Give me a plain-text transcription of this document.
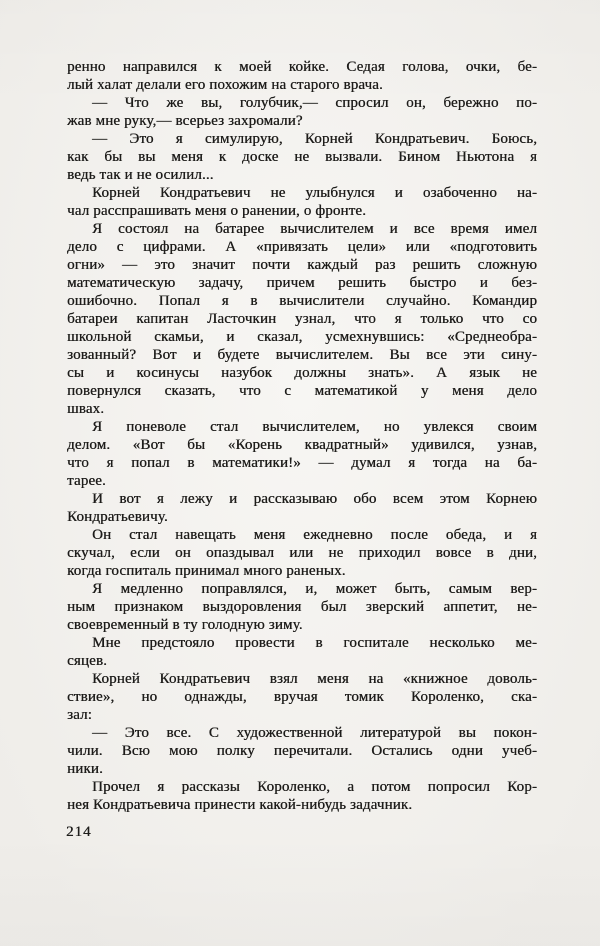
ренно направился к моей койке. Седая голова, очки, бе-
лый халат делали его похожим на старого врача.
— Что же вы, голубчик,— спросил он, бережно по-
жав мне руку,— всерьез захромали?
— Это я симулирую, Корней Кондратьевич. Боюсь,
как бы вы меня к доске не вызвали. Бином Ньютона я
ведь так и не осилил...
Корней Кондратьевич не улыбнулся и озабоченно на-
чал расспрашивать меня о ранении, о фронте.
Я состоял на батарее вычислителем и все время имел
дело с цифрами. А «привязать цели» или «подготовить
огни» — это значит почти каждый раз решить сложную
математическую задачу, причем решить быстро и без-
ошибочно. Попал я в вычислители случайно. Командир
батареи капитан Ласточкин узнал, что я только что со
школьной скамьи, и сказал, усмехнувшись: «Среднеобра-
зованный? Вот и будете вычислителем. Вы все эти сину-
сы и косинусы назубок должны знать». А язык не
повернулся сказать, что с математикой у меня дело
швах.
Я поневоле стал вычислителем, но увлекся своим
делом. «Вот бы «Корень квадратный» удивился, узнав,
что я попал в математики!» — думал я тогда на ба-
тарее.
И вот я лежу и рассказываю обо всем этом Корнею
Кондратьевичу.
Он стал навещать меня ежедневно после обеда, и я
скучал, если он опаздывал или не приходил вовсе в дни,
когда госпиталь принимал много раненых.
Я медленно поправлялся, и, может быть, самым вер-
ным признаком выздоровления был зверский аппетит, не-
своевременный в ту голодную зиму.
Мне предстояло провести в госпитале несколько ме-
сяцев.
Корней Кондратьевич взял меня на «книжное доволь-
ствие», но однажды, вручая томик Короленко, ска-
зал:
— Это все. С художественной литературой вы покон-
чили. Всю мою полку перечитали. Остались одни учеб-
ники.
Прочел я рассказы Короленко, а потом попросил Кор-
нея Кондратьевича принести какой-нибудь задачник.
214
